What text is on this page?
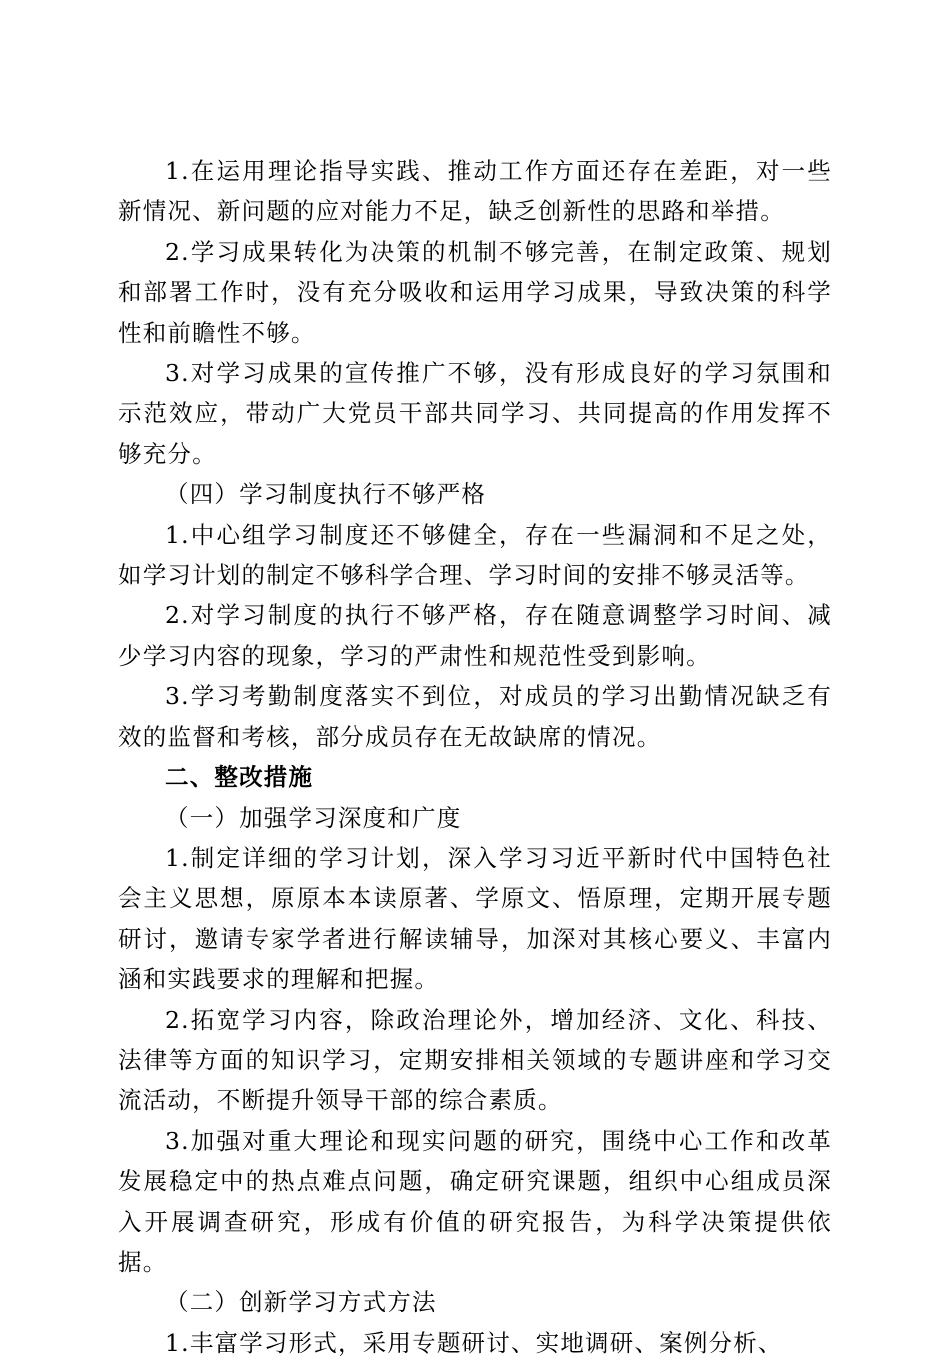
1.在运用理论指导实践、推动工作方面还存在差距，对一些新情况、新问题的应对能力不足，缺乏创新性的思路和举措。

2.学习成果转化为决策的机制不够完善，在制定政策、规划和部署工作时，没有充分吸收和运用学习成果，导致决策的科学性和前瞻性不够。

3.对学习成果的宣传推广不够，没有形成良好的学习氛围和示范效应，带动广大党员干部共同学习、共同提高的作用发挥不够充分。

（四）学习制度执行不够严格

1.中心组学习制度还不够健全，存在一些漏洞和不足之处，如学习计划的制定不够科学合理、学习时间的安排不够灵活等。

2.对学习制度的执行不够严格，存在随意调整学习时间、减少学习内容的现象，学习的严肃性和规范性受到影响。

3.学习考勤制度落实不到位，对成员的学习出勤情况缺乏有效的监督和考核，部分成员存在无故缺席的情况。

二、整改措施

（一）加强学习深度和广度

1.制定详细的学习计划，深入学习习近平新时代中国特色社会主义思想，原原本本读原著、学原文、悟原理，定期开展专题研讨，邀请专家学者进行解读辅导，加深对其核心要义、丰富内涵和实践要求的理解和把握。

2.拓宽学习内容，除政治理论外，增加经济、文化、科技、法律等方面的知识学习，定期安排相关领域的专题讲座和学习交流活动，不断提升领导干部的综合素质。

3.加强对重大理论和现实问题的研究，围绕中心工作和改革发展稳定中的热点难点问题，确定研究课题，组织中心组成员深入开展调查研究，形成有价值的研究报告，为科学决策提供依据。

（二）创新学习方式方法

1.丰富学习形式，采用专题研讨、实地调研、案例分析、
